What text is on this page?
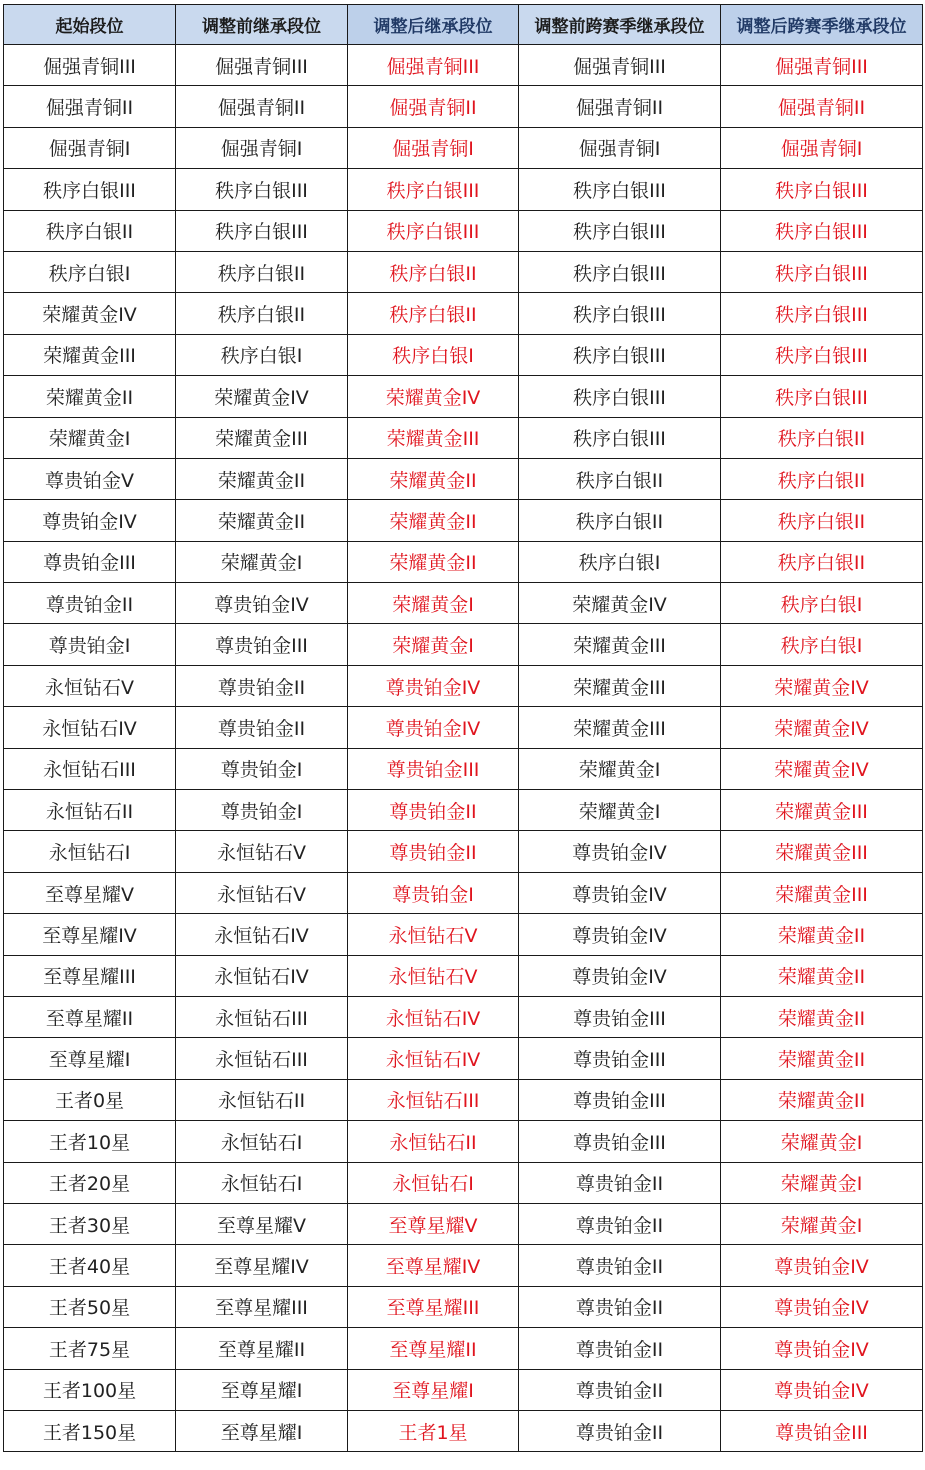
起始段位	调整前继承段位	调整后继承段位	调整前跨赛季继承段位	调整后跨赛季继承段位
倔强青铜III	倔强青铜III	倔强青铜III	倔强青铜III	倔强青铜III
倔强青铜II	倔强青铜II	倔强青铜II	倔强青铜II	倔强青铜II
倔强青铜I	倔强青铜I	倔强青铜I	倔强青铜I	倔强青铜I
秩序白银III	秩序白银III	秩序白银III	秩序白银III	秩序白银III
秩序白银II	秩序白银III	秩序白银III	秩序白银III	秩序白银III
秩序白银I	秩序白银II	秩序白银II	秩序白银III	秩序白银III
荣耀黄金IV	秩序白银II	秩序白银II	秩序白银III	秩序白银III
荣耀黄金III	秩序白银I	秩序白银I	秩序白银III	秩序白银III
荣耀黄金II	荣耀黄金IV	荣耀黄金IV	秩序白银III	秩序白银III
荣耀黄金I	荣耀黄金III	荣耀黄金III	秩序白银III	秩序白银II
尊贵铂金V	荣耀黄金II	荣耀黄金II	秩序白银II	秩序白银II
尊贵铂金IV	荣耀黄金II	荣耀黄金II	秩序白银II	秩序白银II
尊贵铂金III	荣耀黄金I	荣耀黄金II	秩序白银I	秩序白银II
尊贵铂金II	尊贵铂金IV	荣耀黄金I	荣耀黄金IV	秩序白银I
尊贵铂金I	尊贵铂金III	荣耀黄金I	荣耀黄金III	秩序白银I
永恒钻石V	尊贵铂金II	尊贵铂金IV	荣耀黄金III	荣耀黄金IV
永恒钻石IV	尊贵铂金II	尊贵铂金IV	荣耀黄金III	荣耀黄金IV
永恒钻石III	尊贵铂金I	尊贵铂金III	荣耀黄金I	荣耀黄金IV
永恒钻石II	尊贵铂金I	尊贵铂金II	荣耀黄金I	荣耀黄金III
永恒钻石I	永恒钻石V	尊贵铂金II	尊贵铂金IV	荣耀黄金III
至尊星耀V	永恒钻石V	尊贵铂金I	尊贵铂金IV	荣耀黄金III
至尊星耀IV	永恒钻石IV	永恒钻石V	尊贵铂金IV	荣耀黄金II
至尊星耀III	永恒钻石IV	永恒钻石V	尊贵铂金IV	荣耀黄金II
至尊星耀II	永恒钻石III	永恒钻石IV	尊贵铂金III	荣耀黄金II
至尊星耀I	永恒钻石III	永恒钻石IV	尊贵铂金III	荣耀黄金II
王者0星	永恒钻石II	永恒钻石III	尊贵铂金III	荣耀黄金II
王者10星	永恒钻石I	永恒钻石II	尊贵铂金III	荣耀黄金I
王者20星	永恒钻石I	永恒钻石I	尊贵铂金II	荣耀黄金I
王者30星	至尊星耀V	至尊星耀V	尊贵铂金II	荣耀黄金I
王者40星	至尊星耀IV	至尊星耀IV	尊贵铂金II	尊贵铂金IV
王者50星	至尊星耀III	至尊星耀III	尊贵铂金II	尊贵铂金IV
王者75星	至尊星耀II	至尊星耀II	尊贵铂金II	尊贵铂金IV
王者100星	至尊星耀I	至尊星耀I	尊贵铂金II	尊贵铂金IV
王者150星	至尊星耀I	王者1星	尊贵铂金II	尊贵铂金III
